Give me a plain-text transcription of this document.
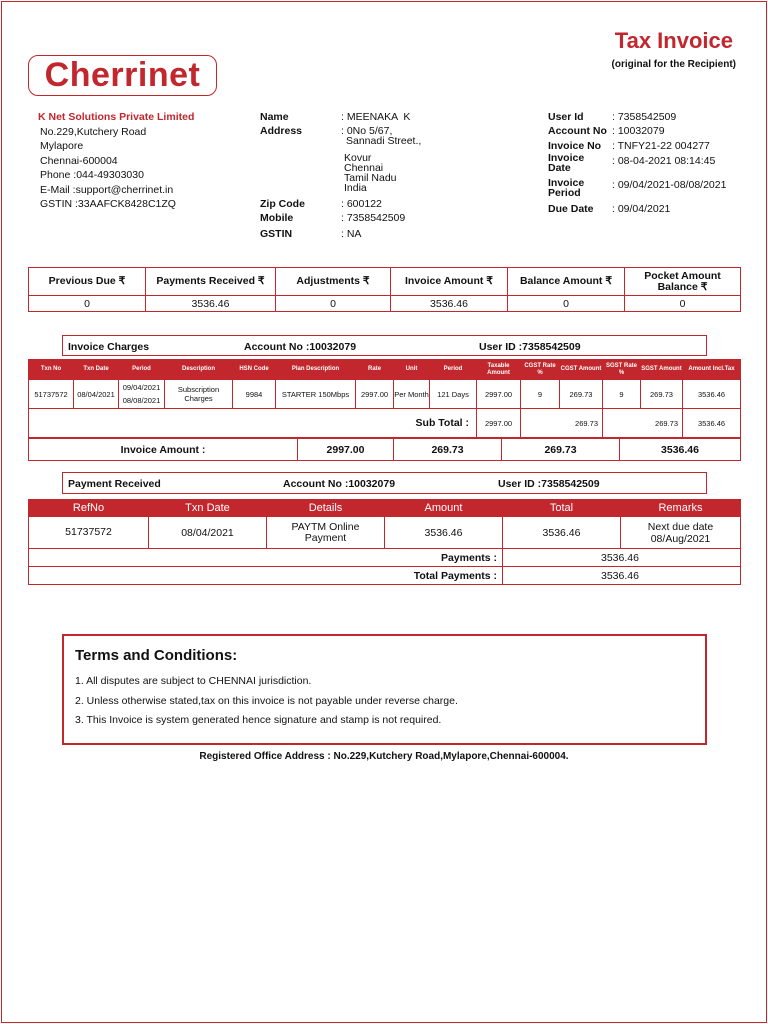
Cherrinet
Tax Invoice
(original for the Recipient)
K Net Solutions Private Limited
No.229,Kutchery Road
Mylapore
Chennai-600004
Phone :044-49303030
E-Mail :support@cherrinet.in
GSTIN :33AAFCK8428C1ZQ
Name	: MEENAKA  K
Address	: 0No 5/67,
Sannadi Street.,
Kovur
Chennai
Tamil Nadu
India
Zip Code	: 600122
Mobile	: 7358542509
GSTIN	: NA
User Id	: 7358542509
Account No : 10032079
Invoice No : TNFY21-22 004277
Invoice Date
: 08-04-2021 08:14:45
Invoice Period
: 09/04/2021-08/08/2021
Due Date : 09/04/2021
Previous Due ₹	Payments Received ₹	Adjustments ₹	Invoice Amount ₹	Balance Amount ₹	Pocket Amount Balance ₹
0	3536.46	0	3536.46	0	0
Invoice Charges	Account No :10032079	User ID :7358542509
Txn No	Txn Date	Period	Description	HSN Code	Plan Description	Rate	Unit	Period	Taxable Amount	CGST Rate %	CGST Amount	SGST Rate %	SGST Amount	Amount Incl.Tax
51737572	08/04/2021	09/04/2021
08/08/2021	Subscription Charges	9984	STARTER 150Mbps	2997.00	Per Month	121 Days	2997.00	9	269.73	9	269.73	3536.46
Sub Total :									2997.00	269.73		269.73		3536.46
Invoice Amount :	2997.00	269.73	269.73	3536.46
Payment Received	Account No :10032079	User ID :7358542509
RefNo	Txn Date	Details	Amount	Total	Remarks
51737572	08/04/2021	PAYTM Online Payment	3536.46	3536.46	Next due date 08/Aug/2021
Payments :				3536.46	
Total Payments :				3536.46	
Terms and Conditions:
1. All disputes are subject to CHENNAI jurisdiction.
2. Unless otherwise stated,tax on this invoice is not payable under reverse charge.
3. This Invoice is system generated hence signature and stamp is not required.
Registered Office Address : No.229,Kutchery Road,Mylapore,Chennai-600004.
